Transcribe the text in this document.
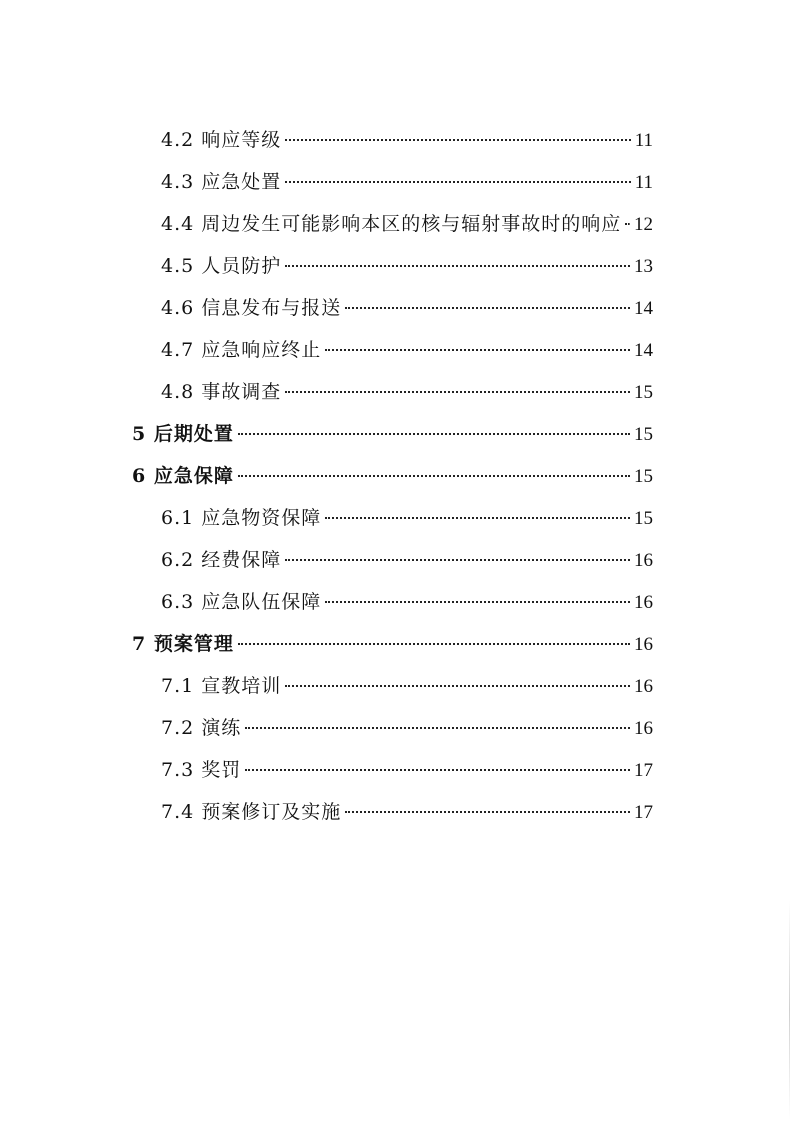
4.2 响应等级	11
4.3 应急处置	11
4.4 周边发生可能影响本区的核与辐射事故时的响应 12
4.5 人员防护	13
4.6 信息发布与报送	14
4.7 应急响应终止	14
4.8 事故调查	15
5 后期处置	15
6 应急保障	15
6.1 应急物资保障	15
6.2 经费保障	16
6.3 应急队伍保障	16
7 预案管理	16
7.1 宣教培训	16
7.2 演练	16
7.3 奖罚	17
7.4 预案修订及实施	17
